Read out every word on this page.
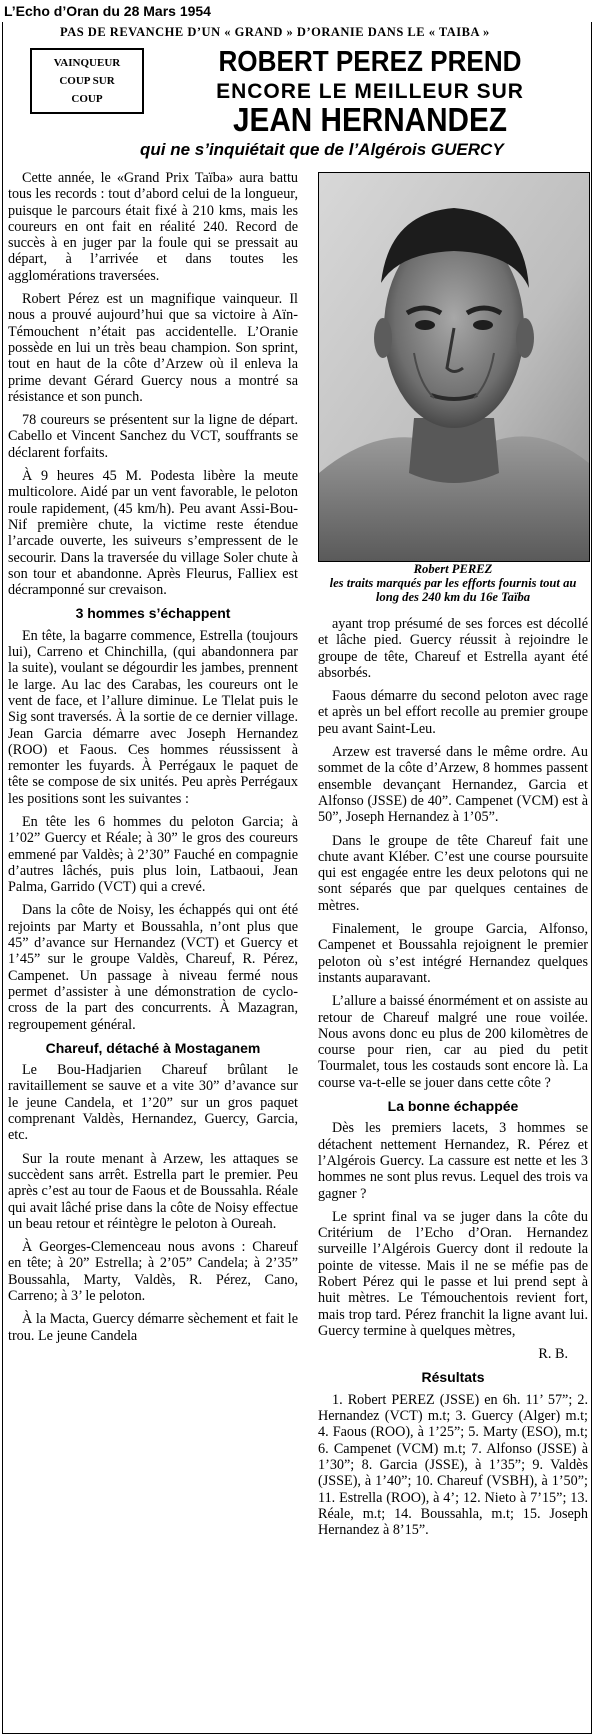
L’Echo d’Oran du 28 Mars 1954
PAS DE REVANCHE D’UN « GRAND » D’ORANIE DANS LE « TAIBA »
VAINQUEUR
COUP SUR
COUP
ROBERT PEREZ PREND
ENCORE LE MEILLEUR SUR
JEAN HERNANDEZ
qui ne s’inquiétait que de l’Algérois GUERCY

Cette année, le «Grand Prix Taïba» aura battu tous les records : tout d’abord celui de la longueur, puisque le parcours était fixé à 210 kms, mais les coureurs en ont fait en réalité 240. Record de succès à en juger par la foule qui se pressait au départ, à l’arrivée et dans toutes les agglomérations traversées.

Robert Pérez est un magnifique vainqueur. Il nous a prouvé aujourd’hui que sa victoire à Aïn-Témouchent n’était pas accidentelle. L’Oranie possède en lui un très beau champion. Son sprint, tout en haut de la côte d’Arzew où il enleva la prime devant Gérard Guercy nous a montré sa résistance et son punch.

78 coureurs se présentent sur la ligne de départ. Cabello et Vincent Sanchez du VCT, souffrants se déclarent forfaits.

À 9 heures 45 M. Podesta libère la meute multicolore. Aidé par un vent favorable, le peloton roule rapidement, (45 km/h). Peu avant Assi-Bou-Nif première chute, la victime reste étendue l’arcade ouverte, les suiveurs s’empressent de le secourir. Dans la traversée du village Soler chute à son tour et abandonne. Après Fleurus, Falliex est décramponné sur crevaison.

3 hommes s’échappent

En tête, la bagarre commence, Estrella (toujours lui), Carreno et Chinchilla, (qui abandonnera par la suite), voulant se dégourdir les jambes, prennent le large. Au lac des Carabas, les coureurs ont le vent de face, et l’allure diminue. Le Tlelat puis le Sig sont traversés. À la sortie de ce dernier village. Jean Garcia démarre avec Joseph Hernandez (ROO) et Faous. Ces hommes réussissent à remonter les fuyards. À Perrégaux le paquet de tête se compose de six unités. Peu après Perrégaux les positions sont les suivantes :

En tête les 6 hommes du peloton Garcia; à 1’02” Guercy et Réale; à 30” le gros des coureurs emmené par Valdès; à 2’30” Fauché en compagnie d’autres lâchés, puis plus loin, Latbaoui, Jean Palma, Garrido (VCT) qui a crevé.

Dans la côte de Noisy, les échappés qui ont été rejoints par Marty et Boussahla, n’ont plus que 45” d’avance sur Hernandez (VCT) et Guercy et 1’45” sur le groupe Valdès, Chareuf, R. Pérez, Campenet. Un passage à niveau fermé nous permet d’assister à une démonstration de cyclo-cross de la part des concurrents. À Mazagran, regroupement général.

Chareuf, détaché à Mostaganem

Le Bou-Hadjarien Chareuf brûlant le ravitaillement se sauve et a vite 30” d’avance sur le jeune Candela, et 1’20” sur un gros paquet comprenant Valdès, Hernandez, Guercy, Garcia, etc.

Sur la route menant à Arzew, les attaques se succèdent sans arrêt. Estrella part le premier. Peu après c’est au tour de Faous et de Boussahla. Réale qui avait lâché prise dans la côte de Noisy effectue un beau retour et réintègre le peloton à Oureah.

À Georges-Clemenceau nous avons : Chareuf en tête; à 20” Estrella; à 2’05” Candela; à 2’35” Boussahla, Marty, Valdès, R. Pérez, Cano, Carreno; à 3’ le peloton.

À la Macta, Guercy démarre sèchement et fait le trou. Le jeune Candela

Robert PEREZ
les traits marqués par les efforts fournis tout au long des 240 km du 16e Taïba

ayant trop présumé de ses forces est décollé et lâche pied. Guercy réussit à rejoindre le groupe de tête, Chareuf et Estrella ayant été absorbés.

Faous démarre du second peloton avec rage et après un bel effort recolle au premier groupe peu avant Saint-Leu.

Arzew est traversé dans le même ordre. Au sommet de la côte d’Arzew, 8 hommes passent ensemble devançant Hernandez, Garcia et Alfonso (JSSE) de 40”. Campenet (VCM) est à 50”, Joseph Hernandez à 1’05”.

Dans le groupe de tête Chareuf fait une chute avant Kléber. C’est une course poursuite qui est engagée entre les deux pelotons qui ne sont séparés que par quelques centaines de mètres.

Finalement, le groupe Garcia, Alfonso, Campenet et Boussahla rejoignent le premier peloton où s’est intégré Hernandez quelques instants auparavant.

L’allure a baissé énormément et on assiste au retour de Chareuf malgré une roue voilée. Nous avons donc eu plus de 200 kilomètres de course pour rien, car au pied du petit Tourmalet, tous les costauds sont encore là. La course va-t-elle se jouer dans cette côte ?

La bonne échappée

Dès les premiers lacets, 3 hommes se détachent nettement Hernandez, R. Pérez et l’Algérois Guercy. La cassure est nette et les 3 hommes ne sont plus revus. Lequel des trois va gagner ?

Le sprint final va se juger dans la côte du Critérium de l’Echo d’Oran. Hernandez surveille l’Algérois Guercy dont il redoute la pointe de vitesse. Mais il ne se méfie pas de Robert Pérez qui le passe et lui prend sept à huit mètres. Le Témouchentois revient fort, mais trop tard. Pérez franchit la ligne avant lui. Guercy termine à quelques mètres,

R. B.

Résultats

1. Robert PEREZ (JSSE) en 6h. 11’ 57”; 2. Hernandez (VCT) m.t; 3. Guercy (Alger) m.t; 4. Faous (ROO), à 1’25”; 5. Marty (ESO), m.t; 6. Campenet (VCM) m.t; 7. Alfonso (JSSE) à 1’30”; 8. Garcia (JSSE), à 1’35”; 9. Valdès (JSSE), à 1’40”; 10. Chareuf (VSBH), à 1’50”; 11. Estrella (ROO), à 4’; 12. Nieto à 7’15”; 13. Réale, m.t; 14. Boussahla, m.t; 15. Joseph Hernandez à 8’15”.
